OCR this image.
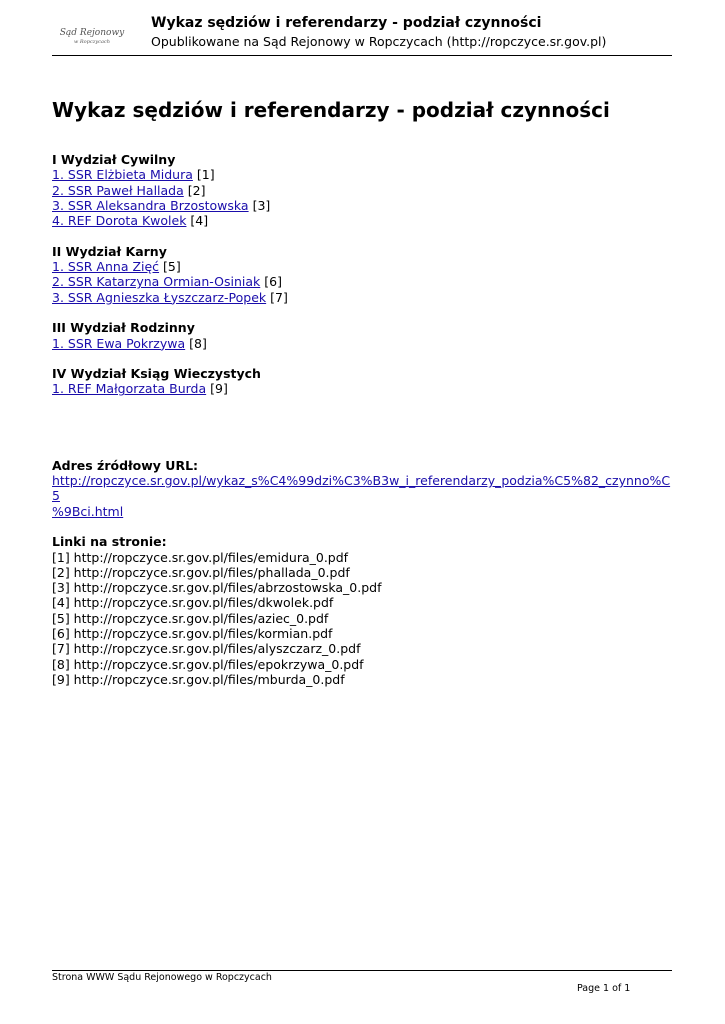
Sąd Rejonowy
w Ropczycach
Wykaz sędziów i referendarzy - podział czynności
Opublikowane na Sąd Rejonowy w Ropczycach (http://ropczyce.sr.gov.pl)
Wykaz sędziów i referendarzy - podział czynności
I Wydział Cywilny
1. SSR Elżbieta Midura [1]
2. SSR Paweł Hallada [2]
3. SSR Aleksandra Brzostowska [3]
4. REF Dorota Kwolek [4]
II Wydział Karny
1. SSR Anna Zięć [5]
2. SSR Katarzyna Ormian-Osiniak [6]
3. SSR Agnieszka Łyszczarz-Popek [7]
III Wydział Rodzinny
1. SSR Ewa Pokrzywa [8]
IV Wydział Ksiąg Wieczystych
1. REF Małgorzata Burda [9]
Adres źródłowy URL:
http://ropczyce.sr.gov.pl/wykaz_s%C4%99dzi%C3%B3w_i_referendarzy_podzia%C5%82_czynno%C5
%9Bci.html
Linki na stronie:
[1] http://ropczyce.sr.gov.pl/files/emidura_0.pdf
[2] http://ropczyce.sr.gov.pl/files/phallada_0.pdf
[3] http://ropczyce.sr.gov.pl/files/abrzostowska_0.pdf
[4] http://ropczyce.sr.gov.pl/files/dkwolek.pdf
[5] http://ropczyce.sr.gov.pl/files/aziec_0.pdf
[6] http://ropczyce.sr.gov.pl/files/kormian.pdf
[7] http://ropczyce.sr.gov.pl/files/alyszczarz_0.pdf
[8] http://ropczyce.sr.gov.pl/files/epokrzywa_0.pdf
[9] http://ropczyce.sr.gov.pl/files/mburda_0.pdf
Strona WWW Sądu Rejonowego w Ropczycach
Page 1 of 1
